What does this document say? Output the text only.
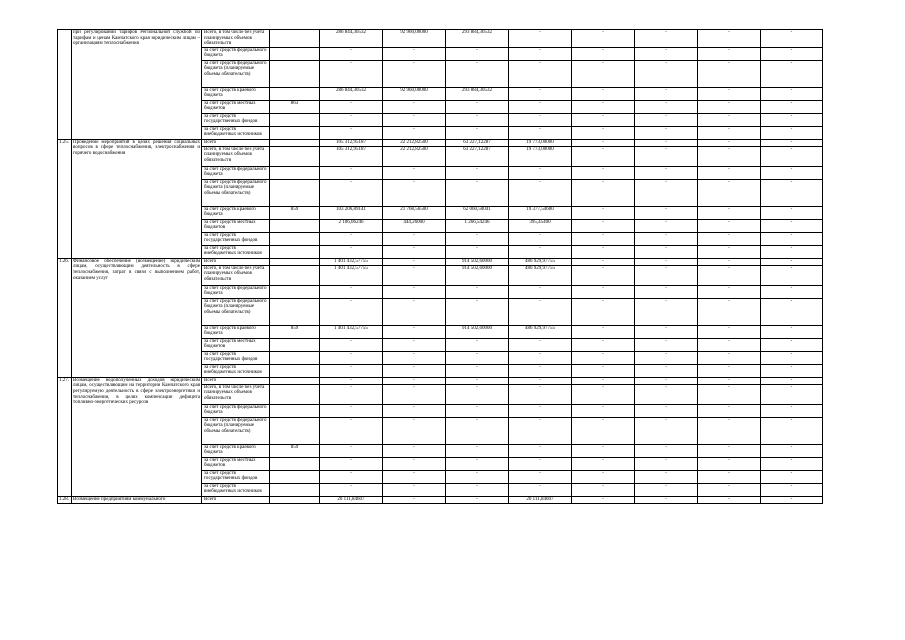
	при регулировании тарифов Региональной службой по тарифам и ценам Камчатского края юридическим лицам – организациям теплоснабжения	Всего, в том числе без учета планируемых объемов обязательств		286 844,30532	92 960,00000	293 884,30532	-	-	-	-	-
		за счет средств федерального бюджета		-	-	-	-	-	-	-	-
		за счет средств федерального бюджета (планируемые объемы обязательств)		-	-	-	-	-	-	-	-
		за счет средств краевого бюджета		286 844,30532	92 960,00000	293 884,30532	-	-	-	-	-
		за счет средств местных бюджетов	863	-	-	-	-	-	-	-	-
		за счет средств государственных фондов		-	-	-	-	-	-	-	-
		за счет средств внебюджетных источников		-	-	-	-	-	-	-	-
1.25.	Проведение мероприятий в целях решения социальных вопросов в сфере теплоснабжения, электроснабжения и горячего водоснабжения	Всего		105 312,95187	22 212,82500	63 227,12287	19 773,00000	-	-	-	-
		Всего, в том числе без учета планируемых объемов обязательств		105 312,95187	22 212,82500	63 227,12287	19 773,00000	-	-	-	-
		за счет средств федерального бюджета		-	-	-	-	-	-	-	-
		за счет средств федерального бюджета (планируемые объемы обязательств)		-	-	-	-	-	-	-	-
		за счет средств краевого бюджета	859	103 206,89141	21 768,56500	62 060,50041	19 377,54600	-	-	-	-
		за счет средств местных бюджетов		2 106,06246	444,26000	1 266,54246	395,45400	-	-	-	-
		за счет средств государственных фондов		-	-	-	-	-	-	-	-
		за счет средств внебюджетных источников		-	-	-	-	-	-	-	-
1.26.	Финансовое обеспечение (возмещение) юридическим лицам, осуществляющим деятельность в сфере теплоснабжения, затрат в связи с выполнением работ, оказанием услуг	Всего		1 401 432,57755	-	914 502,60000	486 929,97755	-	-	-	-
		Всего, в том числе без учета планируемых объемов обязательств		1 401 432,57755	-	914 502,60000	486 929,97755	-	-	-	-
		за счет средств федерального бюджета		-	-	-	-	-	-	-	-
		за счет средств федерального бюджета (планируемые объемы обязательств)		-	-	-	-	-	-	-	-
		за счет средств краевого бюджета	859	1 401 432,57755	-	914 502,60000	486 929,97755	-	-	-	-
		за счет средств местных бюджетов		-	-	-	-	-	-	-	-
		за счет средств государственных фондов		-	-	-	-	-	-	-	-
		за счет средств внебюджетных источников		-	-	-	-	-	-	-	-
1.27.	Возмещение недополученных доходов юридическим лицам, осуществляющим на территории Камчатского края регулируемую деятельность в сфере электроэнергетики и теплоснабжения, в целях компенсации дефицита топливно-энергетических ресурсов	Всего		-	-	-	-	-	-	-	-
		Всего, в том числе без учета планируемых объемов обязательств		-	-	-	-	-	-	-	-
		за счет средств федерального бюджета		-	-	-	-	-	-	-	-
		за счет средств федерального бюджета (планируемые объемы обязательств)		-	-	-	-	-	-	-	-
		за счет средств краевого бюджета	859	-	-	-	-	-	-	-	-
		за счет средств местных бюджетов		-	-	-	-	-	-	-	-
		за счет средств государственных фондов		-	-	-	-	-	-	-	-
		за счет средств внебюджетных источников		-	-	-	-	-	-	-	-
1.28.	Возмещение предприятиям коммунального	Всего		20 111,84607	-	-	20 111,84607	-	-	-	-
